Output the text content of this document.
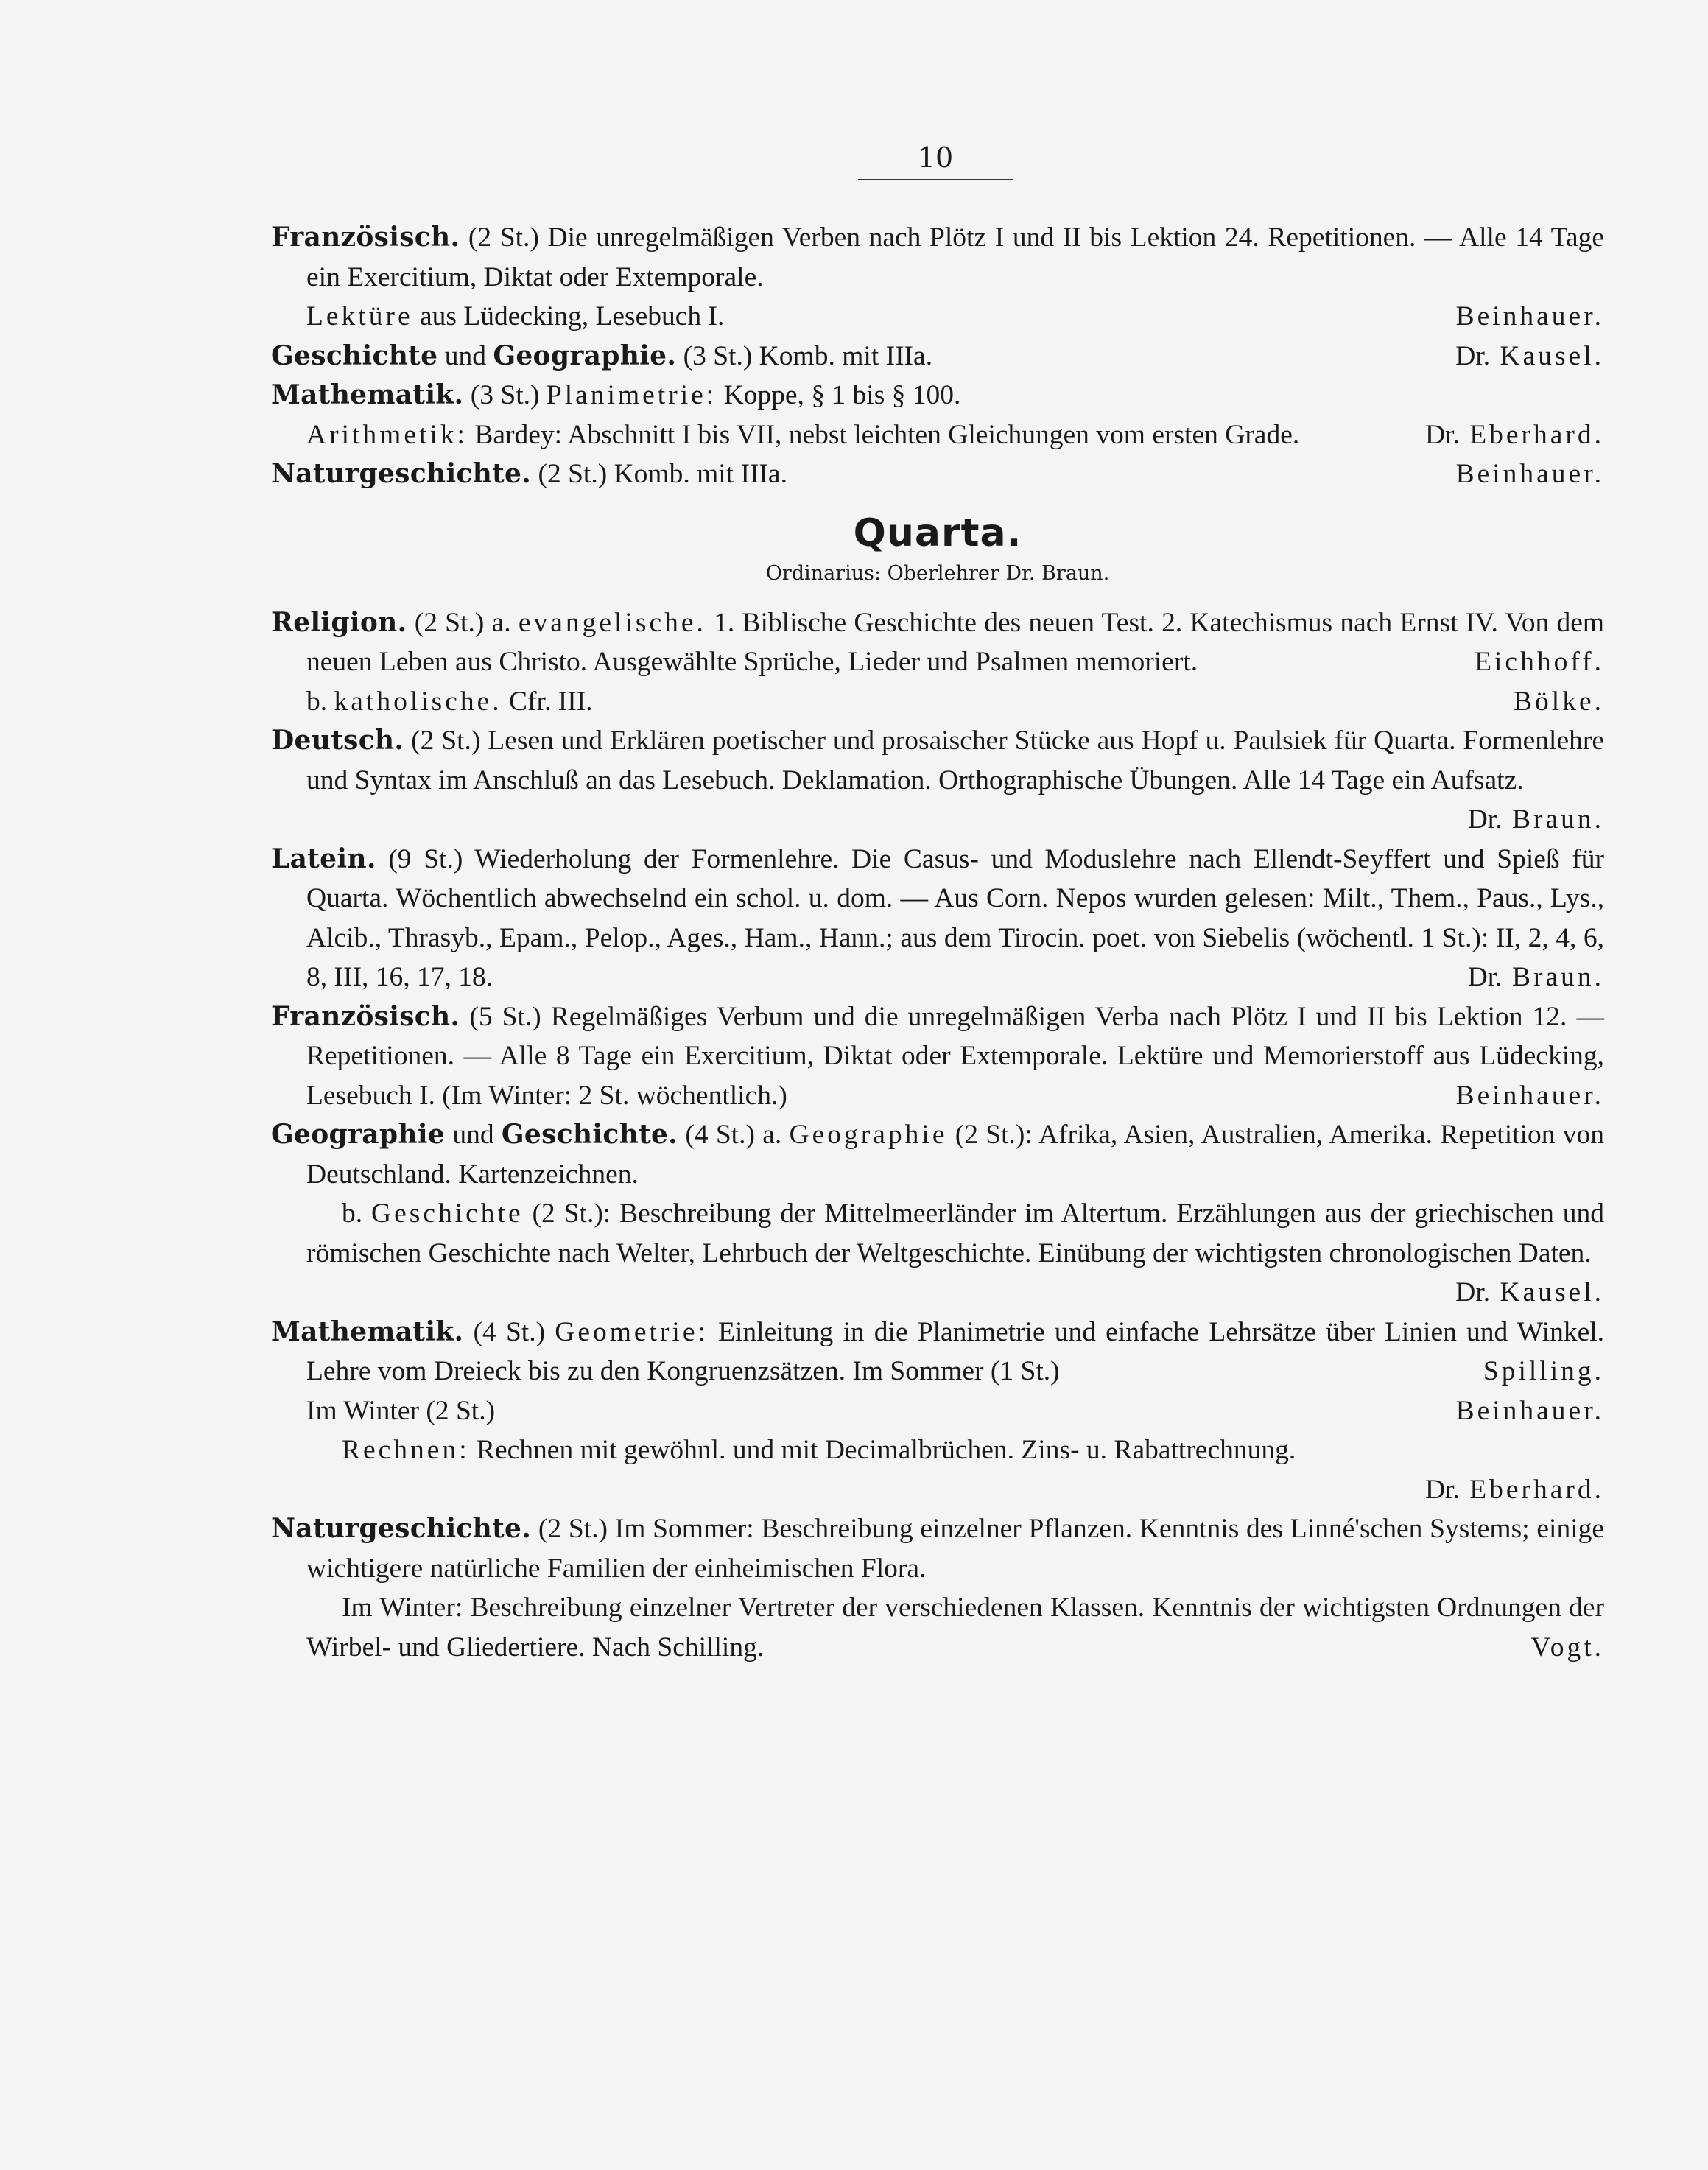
10
Französisch. (2 St.) Die unregelmäßigen Verben nach Plötz I und II bis Lektion 24. Repetitionen. — Alle 14 Tage ein Exercitium, Diktat oder Extemporale.
Lektüre aus Lüdecking, Lesebuch I.	Beinhauer.
Geschichte und Geographie. (3 St.) Komb. mit IIIa.	Dr. Kausel.
Mathematik. (3 St.) Planimetrie: Koppe, § 1 bis § 100.
Arithmetik: Bardey: Abschnitt I bis VII, nebst leichten Gleichungen vom ersten Grade.	Dr. Eberhard.
Naturgeschichte. (2 St.) Komb. mit IIIa.	Beinhauer.
Quarta.
Ordinarius: Oberlehrer Dr. Braun.
Religion. (2 St.) a. evangelische. 1. Biblische Geschichte des neuen Test. 2. Katechismus nach Ernst IV. Von dem neuen Leben aus Christo. Ausgewählte Sprüche, Lieder und Psalmen memoriert.	Eichhoff.
b. katholische. Cfr. III.	Bölke.
Deutsch. (2 St.) Lesen und Erklären poetischer und prosaischer Stücke aus Hopf u. Paulsiek für Quarta. Formenlehre und Syntax im Anschluß an das Lesebuch. Deklamation. Orthographische Übungen. Alle 14 Tage ein Aufsatz.
Dr. Braun.
Latein. (9 St.) Wiederholung der Formenlehre. Die Casus- und Moduslehre nach Ellendt-Seyffert und Spieß für Quarta. Wöchentlich abwechselnd ein schol. u. dom. — Aus Corn. Nepos wurden gelesen: Milt., Them., Paus., Lys., Alcib., Thrasyb., Epam., Pelop., Ages., Ham., Hann.; aus dem Tirocin. poet. von Siebelis (wöchentl. 1 St.): II, 2, 4, 6, 8, III, 16, 17, 18.	Dr. Braun.
Französisch. (5 St.) Regelmäßiges Verbum und die unregelmäßigen Verba nach Plötz I und II bis Lektion 12. — Repetitionen. — Alle 8 Tage ein Exercitium, Diktat oder Extemporale. Lektüre und Memorierstoff aus Lüdecking, Lesebuch I. (Im Winter: 2 St. wöchentlich.)	Beinhauer.
Geographie und Geschichte. (4 St.) a. Geographie (2 St.): Afrika, Asien, Australien, Amerika. Repetition von Deutschland. Kartenzeichnen.
b. Geschichte (2 St.): Beschreibung der Mittelmeerländer im Altertum. Erzählungen aus der griechischen und römischen Geschichte nach Welter, Lehrbuch der Weltgeschichte. Einübung der wichtigsten chronologischen Daten.
Dr. Kausel.
Mathematik. (4 St.) Geometrie: Einleitung in die Planimetrie und einfache Lehrsätze über Linien und Winkel. Lehre vom Dreieck bis zu den Kongruenzsätzen. Im Sommer (1 St.)	Spilling.
Im Winter (2 St.)	Beinhauer.
Rechnen: Rechnen mit gewöhnl. und mit Decimalbrüchen. Zins- u. Rabattrechnung.
Dr. Eberhard.
Naturgeschichte. (2 St.) Im Sommer: Beschreibung einzelner Pflanzen. Kenntnis des Linné'schen Systems; einige wichtigere natürliche Familien der einheimischen Flora.
Im Winter: Beschreibung einzelner Vertreter der verschiedenen Klassen. Kenntnis der wichtigsten Ordnungen der Wirbel- und Gliedertiere. Nach Schilling.	Vogt.
